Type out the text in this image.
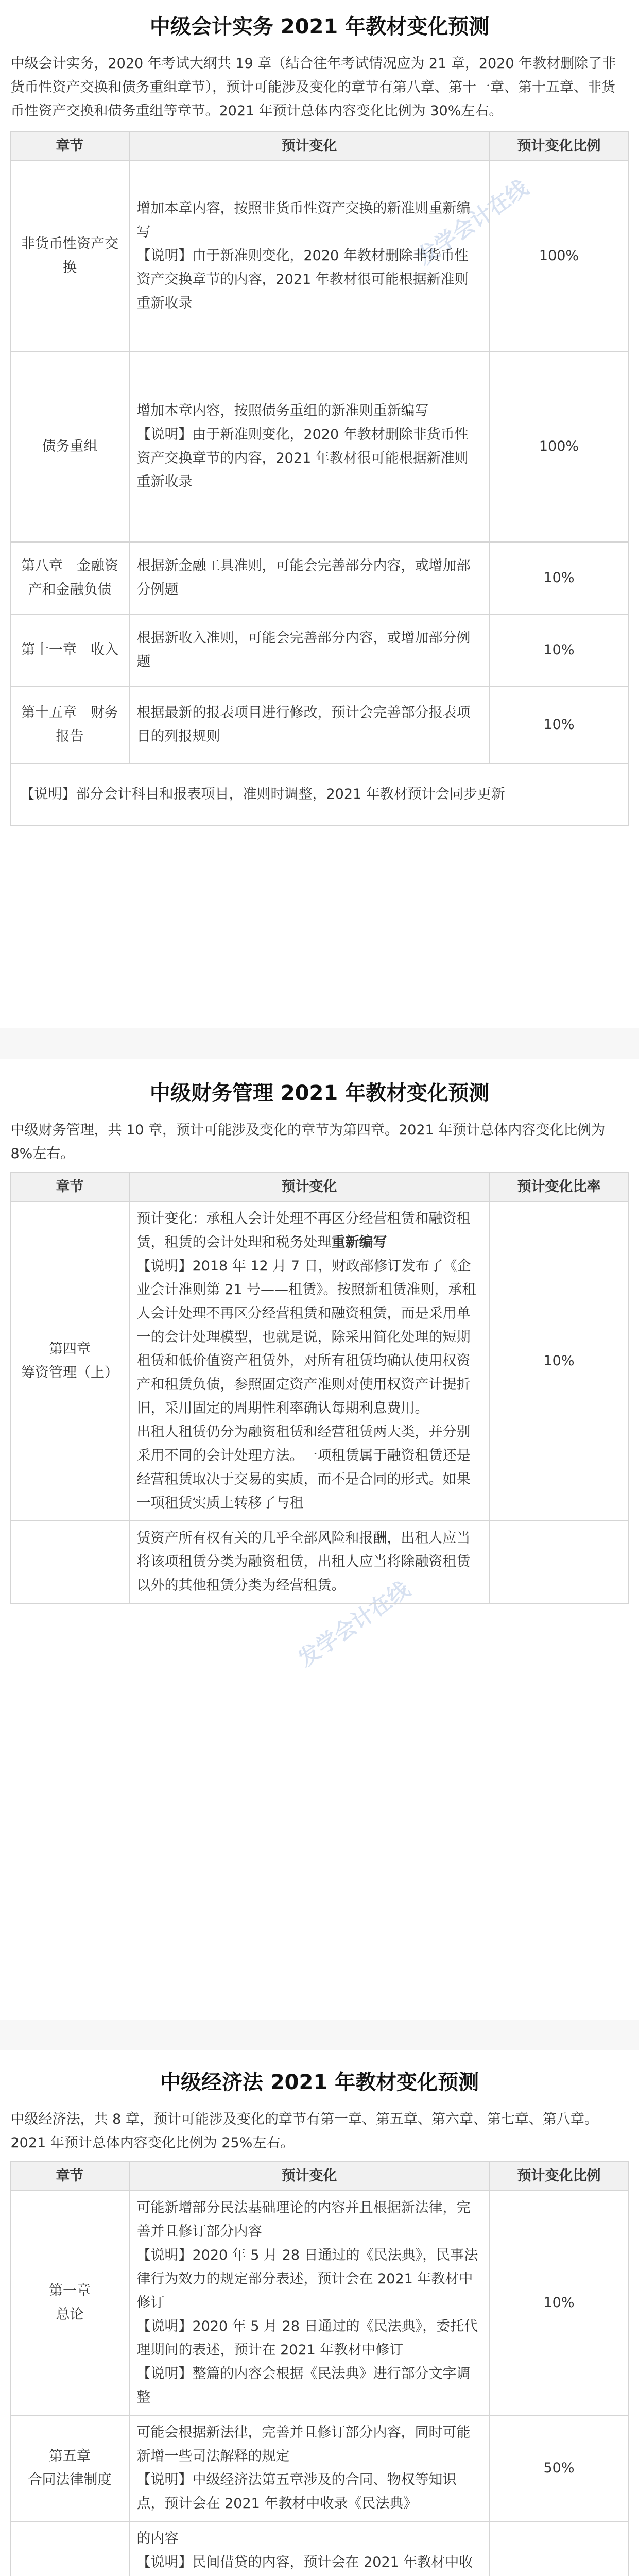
发学会计在线
发学会计在线
中级会计实务 2021 年教材变化预测

中级会计实务，2020 年考试大纲共 19 章（结合往年考试情况应为 21 章，2020 年教材删除了非货币性资产交换和债务重组章节），预计可能涉及变化的章节有第八章、第十一章、第十五章、非货币性资产交换和债务重组等章节。2021 年预计总体内容变化比例为 30%左右。

章节	预计变化	预计变化比例
非货币性资产交换	增加本章内容，按照非货币性资产交换的新准则重新编写
【说明】由于新准则变化，2020 年教材删除非货币性资产交换章节的内容，2021 年教材很可能根据新准则重新收录	100%
债务重组	增加本章内容，按照债务重组的新准则重新编写
【说明】由于新准则变化，2020 年教材删除非货币性资产交换章节的内容，2021 年教材很可能根据新准则重新收录	100%
第八章　金融资产和金融负债	根据新金融工具准则，可能会完善部分内容，或增加部分例题	10%
第十一章　收入	根据新收入准则，可能会完善部分内容，或增加部分例题	10%
第十五章　财务报告	根据最新的报表项目进行修改，预计会完善部分报表项目的列报规则	10%
【说明】部分会计科目和报表项目，准则时调整，2021 年教材预计会同步更新		
中级财务管理 2021 年教材变化预测

中级财务管理，共 10 章，预计可能涉及变化的章节为第四章。2021 年预计总体内容变化比例为 8%左右。

章节	预计变化	预计变化比率
第四章
筹资管理（上）	预计变化：承租人会计处理不再区分经营租赁和融资租赁，租赁的会计处理和税务处理重新编写
【说明】2018 年 12 月 7 日，财政部修订发布了《企业会计准则第 21 号——租赁》。按照新租赁准则，承租人会计处理不再区分经营租赁和融资租赁，而是采用单一的会计处理模型，也就是说，除采用简化处理的短期租赁和低价值资产租赁外，对所有租赁均确认使用权资产和租赁负债，参照固定资产准则对使用权资产计提折旧，采用固定的周期性利率确认每期利息费用。
出租人租赁仍分为融资租赁和经营租赁两大类，并分别采用不同的会计处理方法。一项租赁属于融资租赁还是经营租赁取决于交易的实质，而不是合同的形式。如果一项租赁实质上转移了与租	10%
	赁资产所有权有关的几乎全部风险和报酬，出租人应当将该项租赁分类为融资租赁，出租人应当将除融资租赁以外的其他租赁分类为经营租赁。	
中级经济法 2021 年教材变化预测

中级经济法，共 8 章，预计可能涉及变化的章节有第一章、第五章、第六章、第七章、第八章。2021 年预计总体内容变化比例为 25%左右。

章节	预计变化	预计变化比例
第一章
总论	可能新增部分民法基础理论的内容并且根据新法律，完善并且修订部分内容
【说明】2020 年 5 月 28 日通过的《民法典》，民事法律行为效力的规定部分表述，预计会在 2021 年教材中修订
【说明】2020 年 5 月 28 日通过的《民法典》，委托代理期间的表述，预计在 2021 年教材中修订
【说明】整篇的内容会根据《民法典》进行部分文字调整	10%
第五章
合同法律制度	可能会根据新法律，完善并且修订部分内容，同时可能新增一些司法解释的规定
【说明】中级经济法第五章涉及的合同、物权等知识点，预计会在 2021 年教材中收录《民法典》	50%
	的内容
【说明】民间借贷的内容，预计会在 2021 年教材中收
